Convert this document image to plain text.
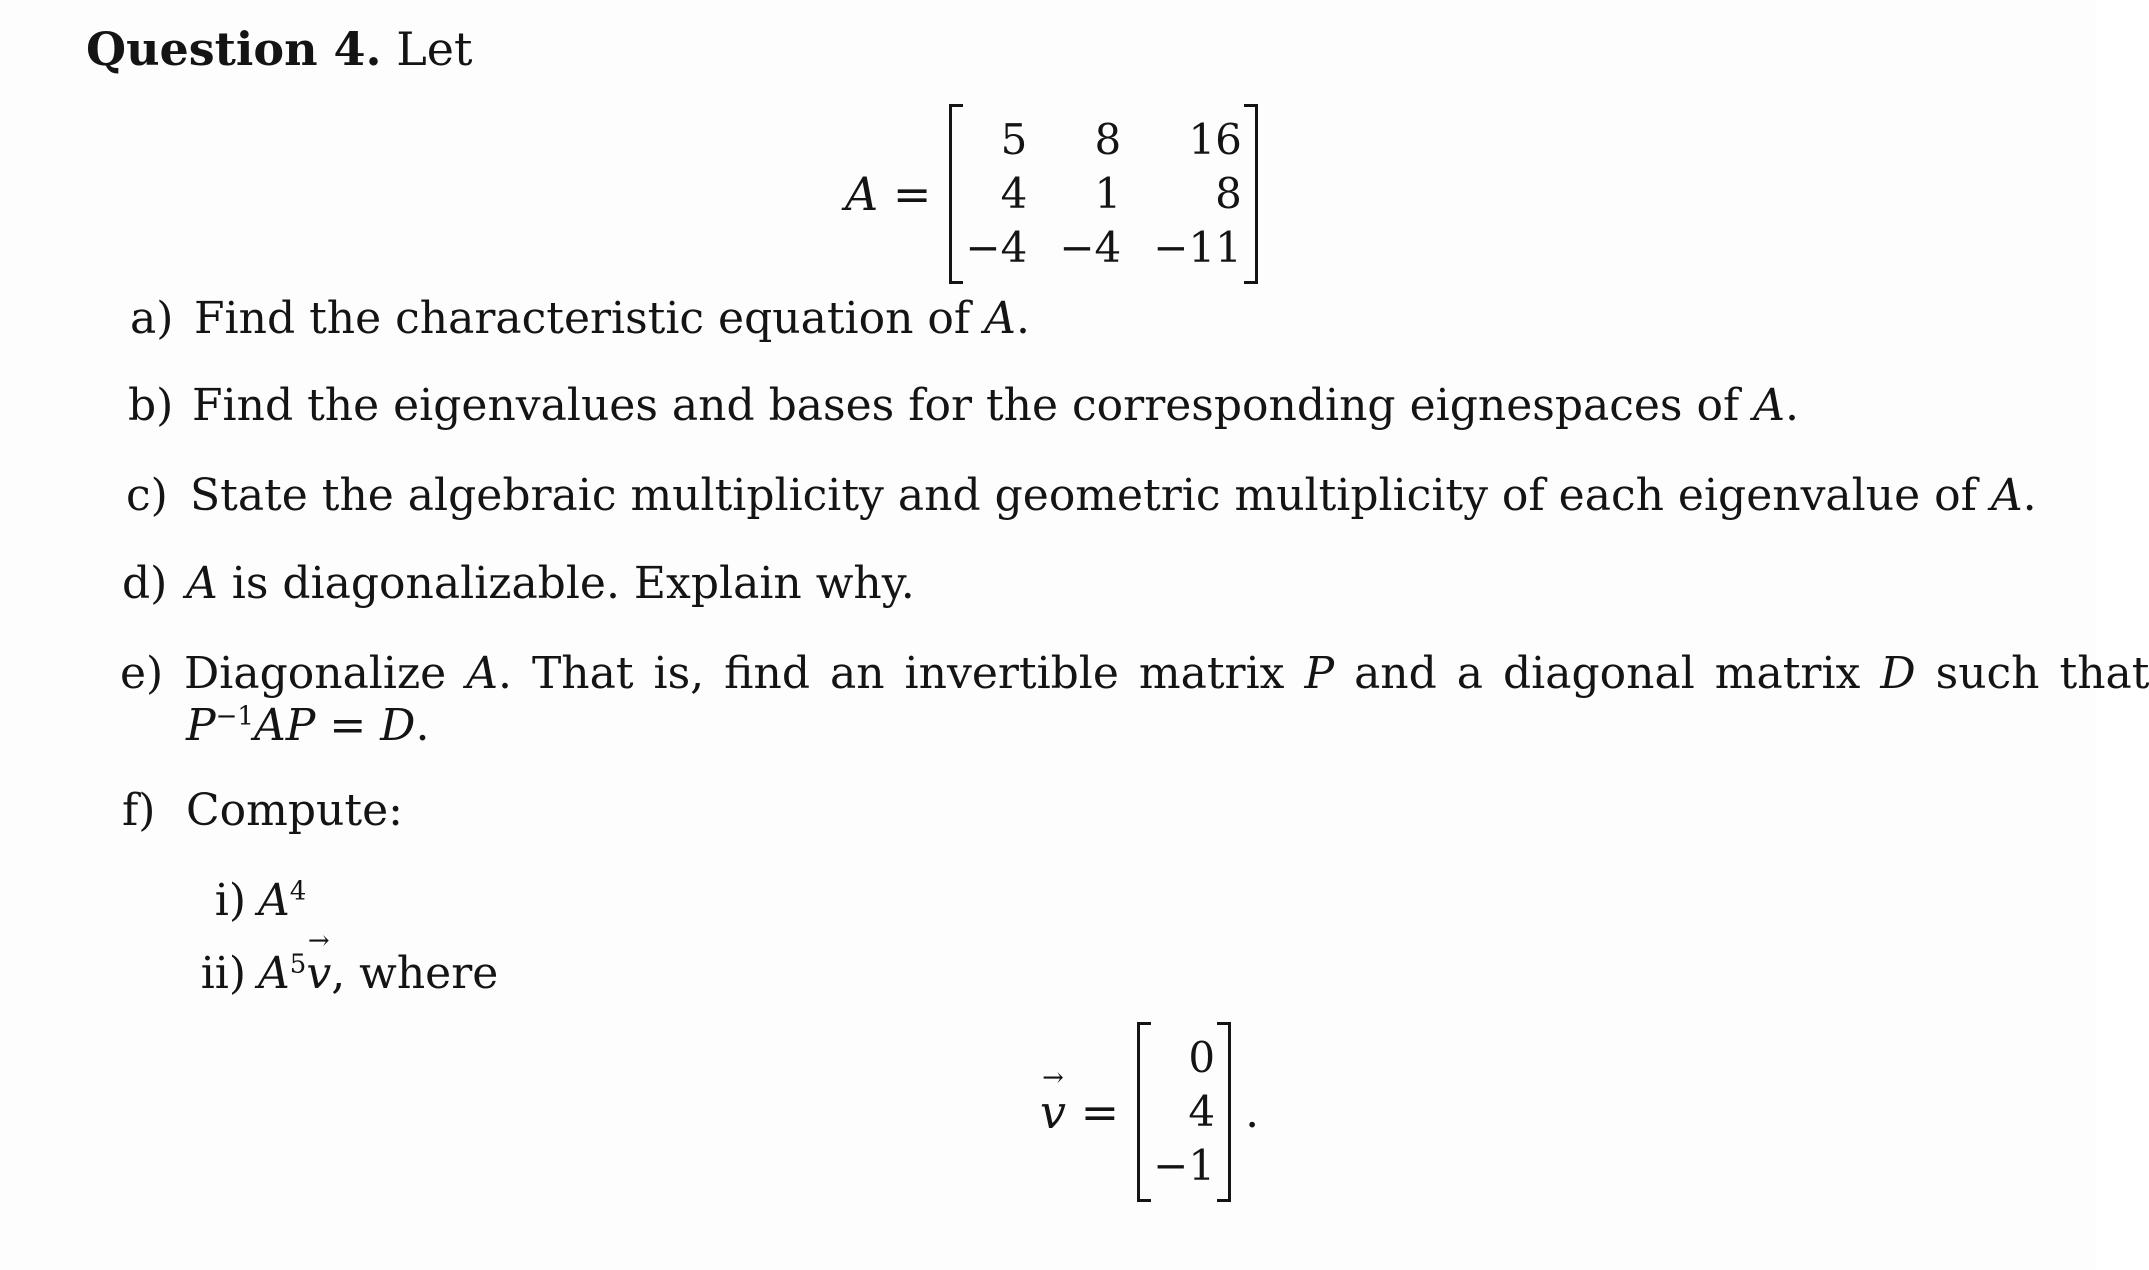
Question 4. Let
A =
5	8	16
4	1	8
−4	−4	−11
a) Find the characteristic equation of A.
b) Find the eigenvalues and bases for the corresponding eignespaces of A.
c) State the algebraic multiplicity and geometric multiplicity of each eigenvalue of A.
d) A is diagonalizable. Explain why.
e) Diagonalize A. That is, find an invertible matrix P and a diagonal matrix D such that
$P^{-1}AP = D$.
f) Compute:
i) $A^4$
ii) $A^5\to v$, where
→ v =
0
4
−1
.
